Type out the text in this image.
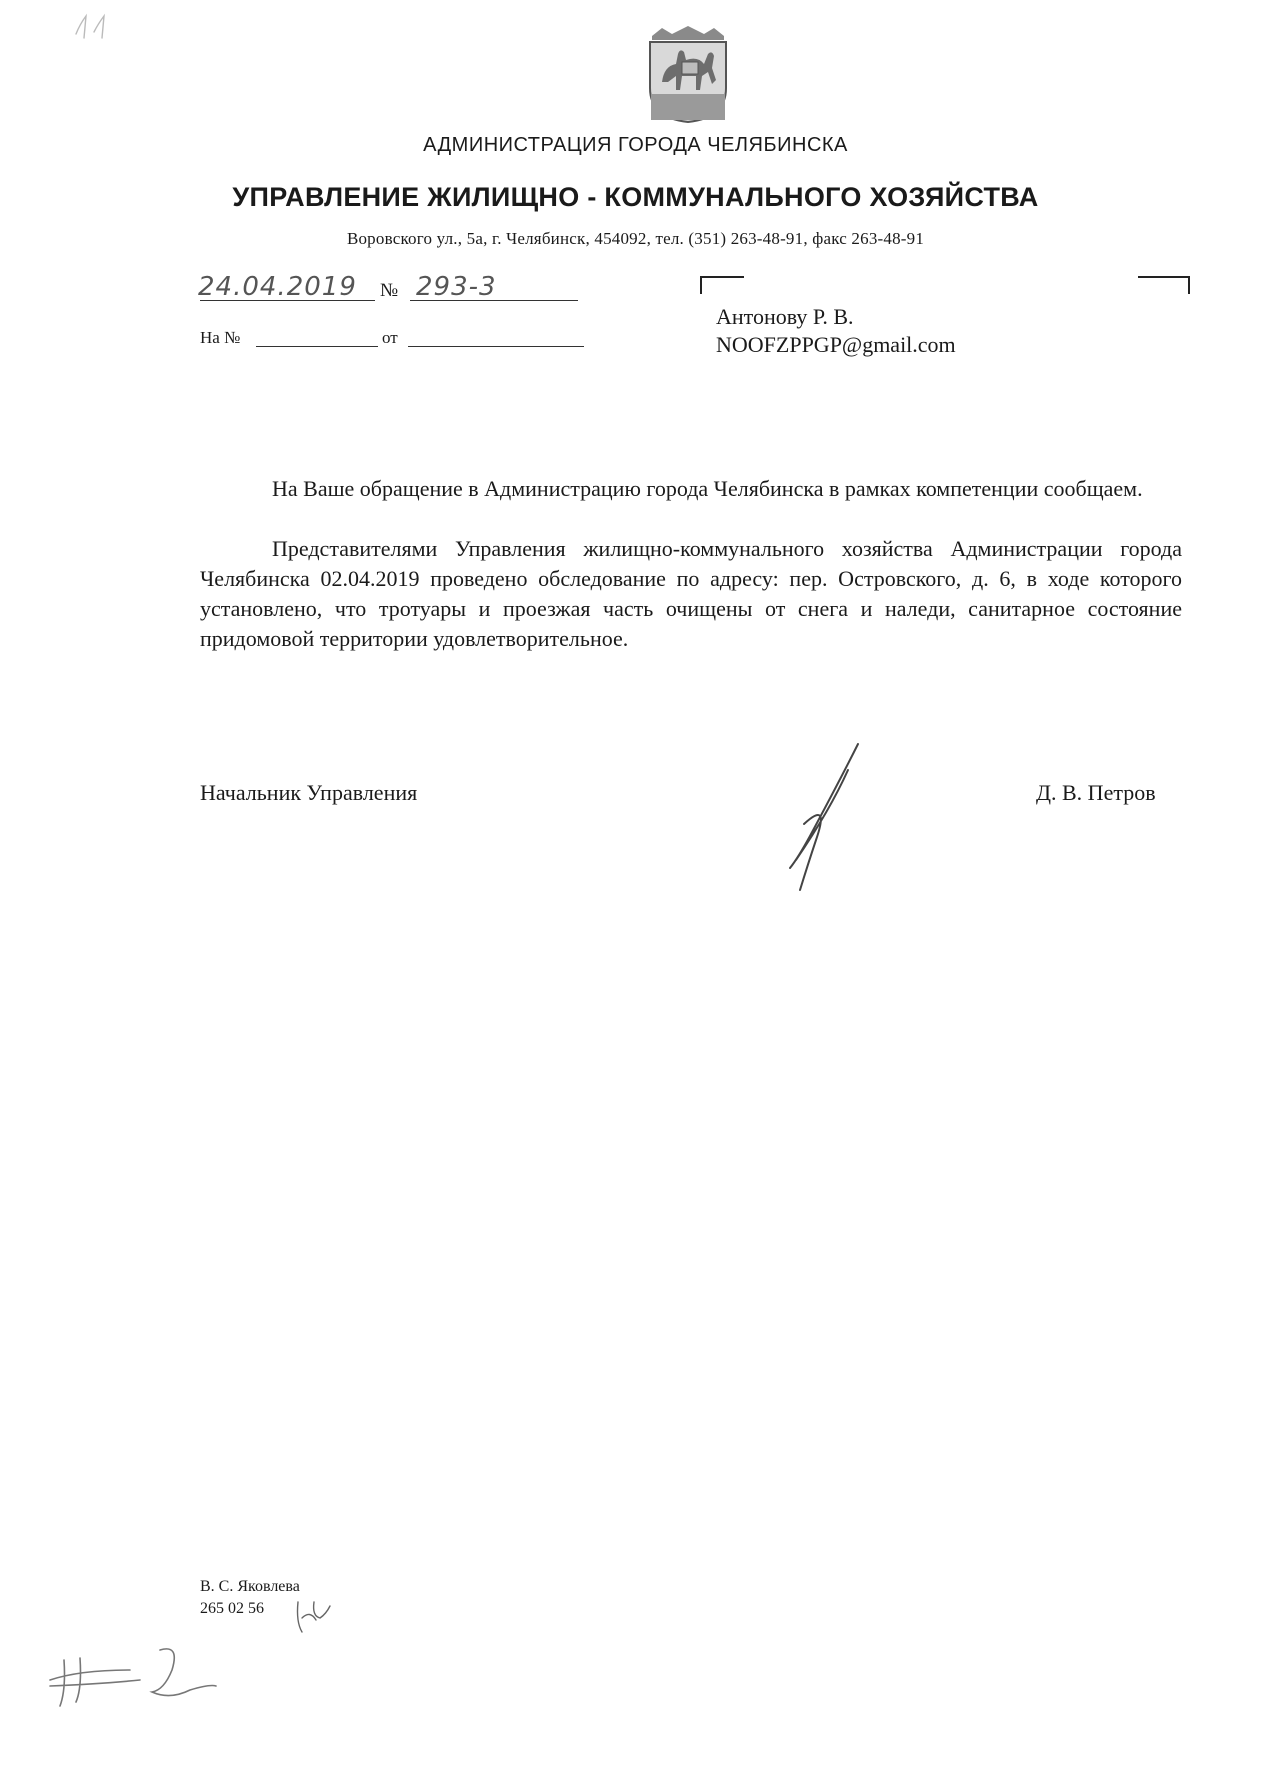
АДМИНИСТРАЦИЯ ГОРОДА ЧЕЛЯБИНСКА
УПРАВЛЕНИЕ ЖИЛИЩНО - КОММУНАЛЬНОГО ХОЗЯЙСТВА
Воровского ул., 5а, г. Челябинск, 454092, тел. (351) 263-48-91, факс 263-48-91
24.04.2019 № 293-3
На №	от
Антонову Р. В.
NOOFZPPGP@gmail.com
На Ваше обращение в Администрацию города Челябинска в рамках компетенции сообщаем.
Представителями Управления жилищно-коммунального хозяйства Администрации города Челябинска 02.04.2019 проведено обследование по адресу: пер. Островского, д. 6, в ходе которого установлено, что тротуары и проезжая часть очищены от снега и наледи, санитарное состояние придомовой территории удовлетворительное.
Начальник Управления	Д. В. Петров
В. С. Яковлева
265 02 56
